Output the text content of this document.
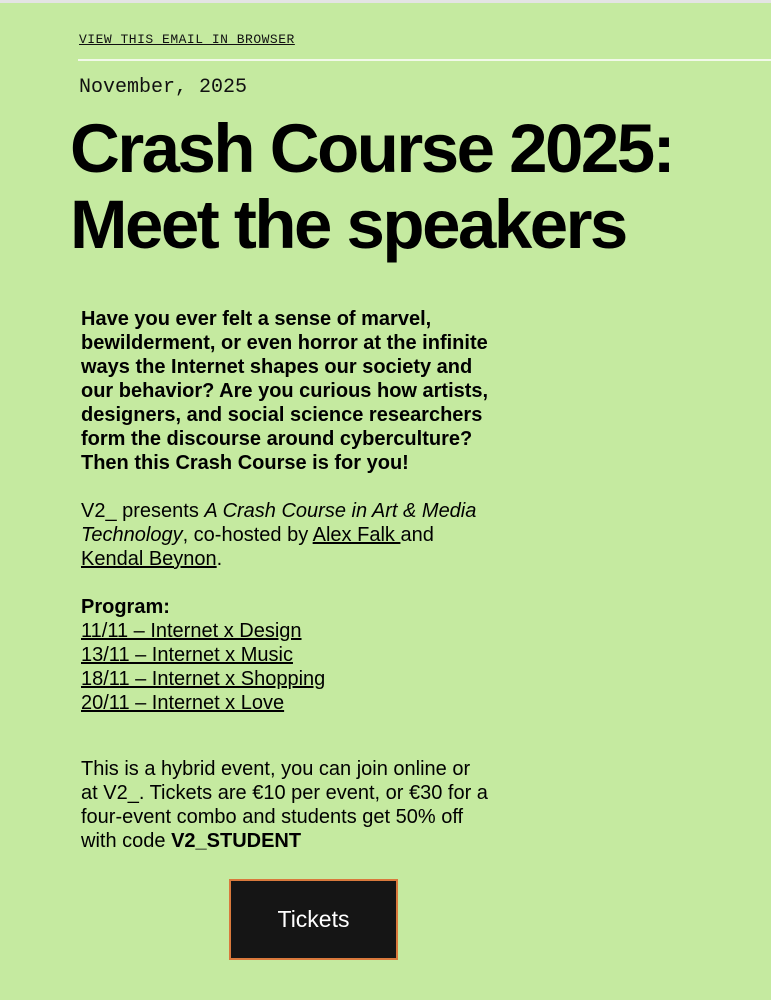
VIEW THIS EMAIL IN BROWSER
November, 2025
Crash Course 2025:
Meet the speakers

Have you ever felt a sense of marvel,
bewilderment, or even horror at the infinite
ways the Internet shapes our society and
our behavior? Are you curious how artists,
designers, and social science researchers
form the discourse around cyberculture?
Then this Crash Course is for you!

V2_ presents A Crash Course in Art & Media
Technology, co-hosted by Alex Falk and
Kendal Beynon.

Program:
11/11 – Internet x Design
13/11 – Internet x Music
18/11 – Internet x Shopping
20/11 – Internet x Love

This is a hybrid event, you can join online or
at V2_. Tickets are €10 per event, or €30 for a
four-event combo and students get 50% off
with code V2_STUDENT

Tickets
